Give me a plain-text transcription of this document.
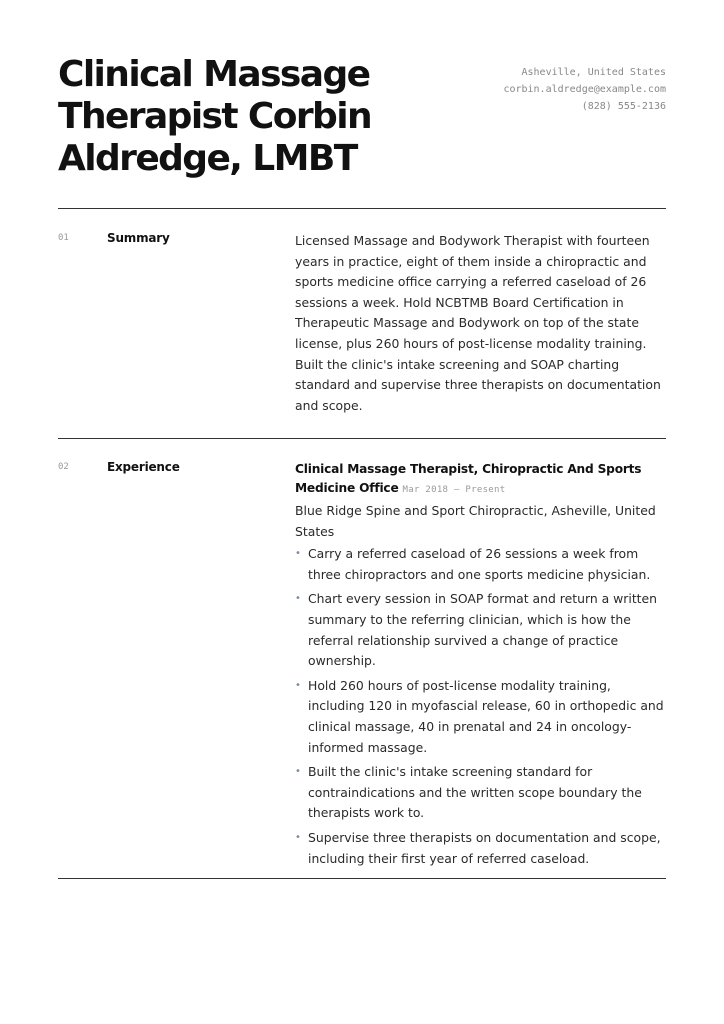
Clinical Massage Therapist Corbin Aldredge, LMBT
Asheville, United States
corbin.aldredge@example.com
(828) 555-2136
01	Summary	Licensed Massage and Bodywork Therapist with fourteen years in practice, eight of them inside a chiropractic and sports medicine office carrying a referred caseload of 26 sessions a week. Hold NCBTMB Board Certification in Therapeutic Massage and Bodywork on top of the state license, plus 260 hours of post-license modality training. Built the clinic's intake screening and SOAP charting standard and supervise three therapists on documentation and scope.

02	Experience	Clinical Massage Therapist, Chiropractic And Sports Medicine Office Mar 2018 – Present
Blue Ridge Spine and Sport Chiropractic, Asheville, United States
• Carry a referred caseload of 26 sessions a week from three chiropractors and one sports medicine physician.
• Chart every session in SOAP format and return a written summary to the referring clinician, which is how the referral relationship survived a change of practice ownership.
• Hold 260 hours of post-license modality training, including 120 in myofascial release, 60 in orthopedic and clinical massage, 40 in prenatal and 24 in oncology-informed massage.
• Built the clinic's intake screening standard for contraindications and the written scope boundary the therapists work to.
• Supervise three therapists on documentation and scope, including their first year of referred caseload.
